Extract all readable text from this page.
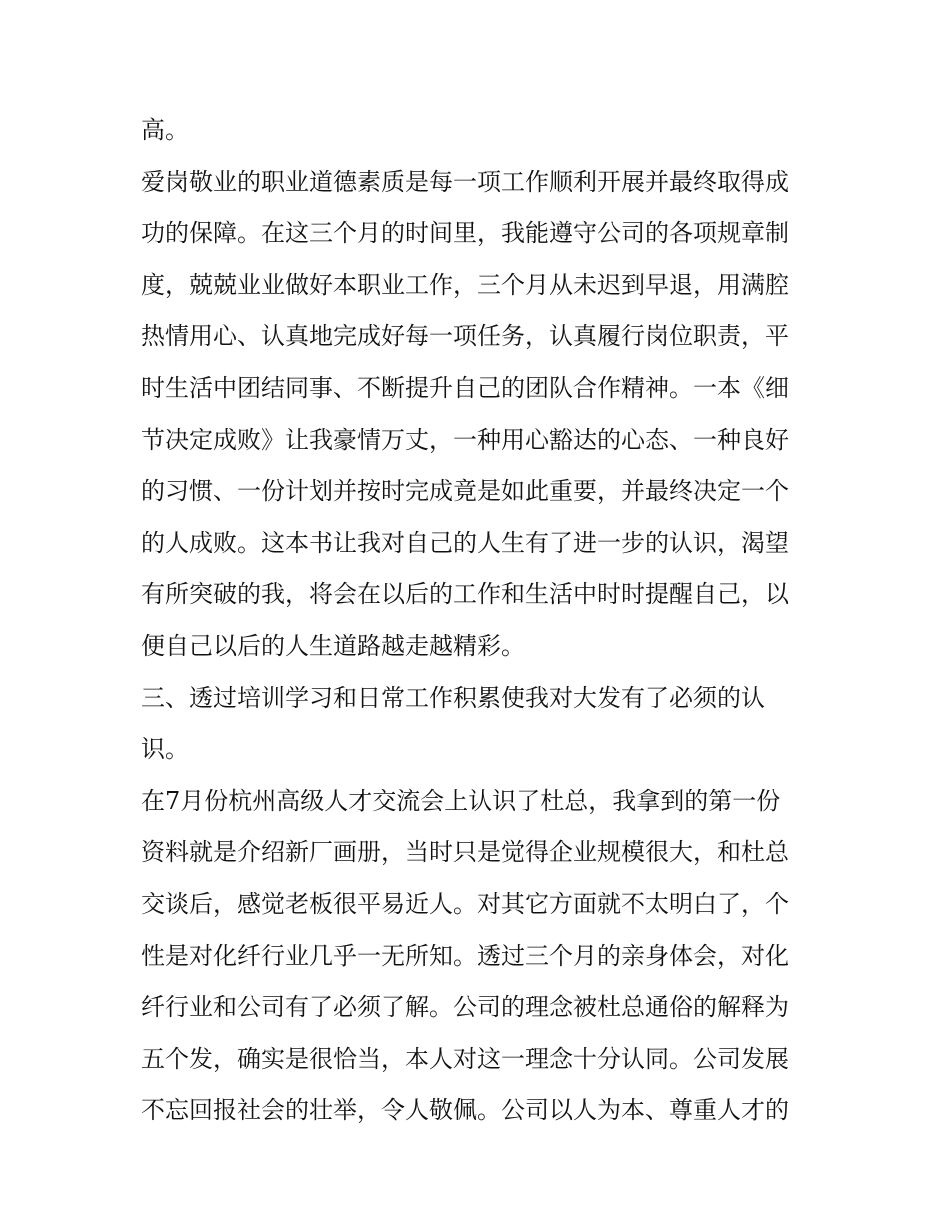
高。
爱岗敬业的职业道德素质是每一项工作顺利开展并最终取得成
功的保障。在这三个月的时间里，我能遵守公司的各项规章制
度，兢兢业业做好本职业工作，三个月从未迟到早退，用满腔
热情用心、认真地完成好每一项任务，认真履行岗位职责，平
时生活中团结同事、不断提升自己的团队合作精神。一本《细
节决定成败》让我豪情万丈，一种用心豁达的心态、一种良好
的习惯、一份计划并按时完成竟是如此重要，并最终决定一个
的人成败。这本书让我对自己的人生有了进一步的认识，渴望
有所突破的我，将会在以后的工作和生活中时时提醒自己，以
便自己以后的人生道路越走越精彩。
三、透过培训学习和日常工作积累使我对大发有了必须的认
识。
在7月份杭州高级人才交流会上认识了杜总，我拿到的第一份
资料就是介绍新厂画册，当时只是觉得企业规模很大，和杜总
交谈后，感觉老板很平易近人。对其它方面就不太明白了，个
性是对化纤行业几乎一无所知。透过三个月的亲身体会，对化
纤行业和公司有了必须了解。公司的理念被杜总通俗的解释为
五个发，确实是很恰当，本人对这一理念十分认同。公司发展
不忘回报社会的壮举，令人敬佩。公司以人为本、尊重人才的
